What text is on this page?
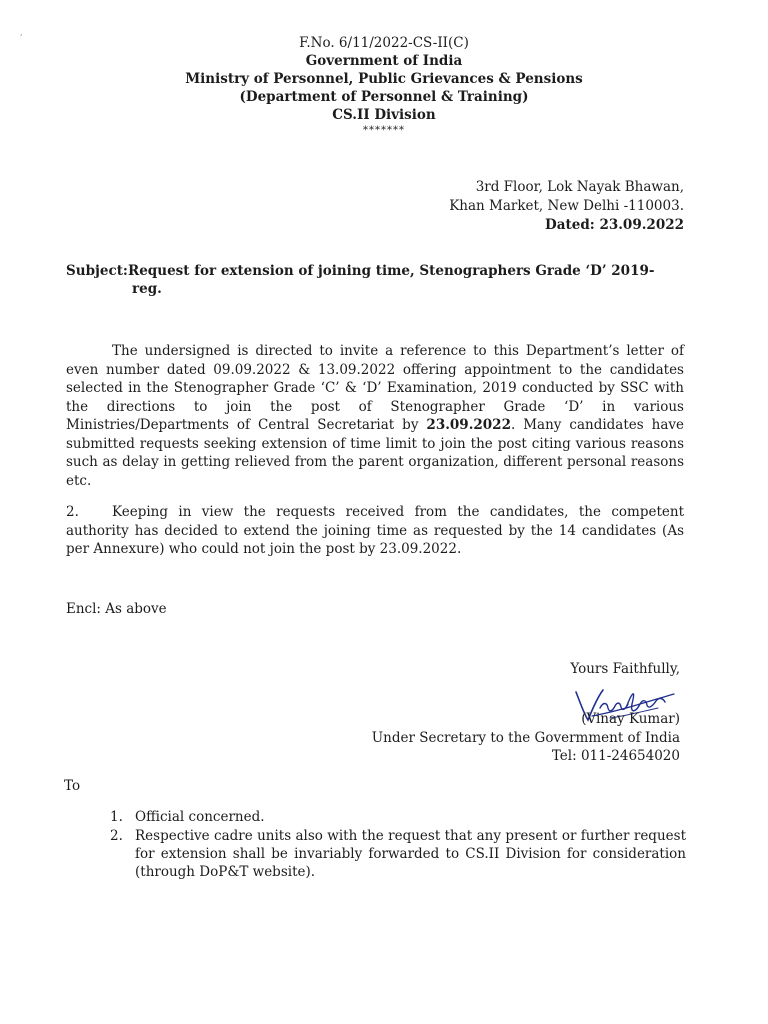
‚
F.No. 6/11/2022-CS-II(C)
Government of India
Ministry of Personnel, Public Grievances & Pensions
(Department of Personnel & Training)
CS.II Division
*******
3rd Floor, Lok Nayak Bhawan,
Khan Market, New Delhi -110003.
Dated: 23.09.2022
Subject:Request for extension of joining time, Stenographers Grade ‘D’ 2019-
reg.
The undersigned is directed to invite a reference to this Department’s letter of even number dated 09.09.2022 & 13.09.2022 offering appointment to the candidates selected in the Stenographer Grade ‘C’ & ‘D’ Examination, 2019 conducted by SSC with the directions to join the post of Stenographer Grade ‘D’ in various Ministries/Departments of Central Secretariat by 23.09.2022. Many candidates have submitted requests seeking extension of time limit to join the post citing various reasons such as delay in getting relieved from the parent organization, different personal reasons etc.
2. Keeping in view the requests received from the candidates, the competent authority has decided to extend the joining time as requested by the 14 candidates (As per Annexure) who could not join the post by 23.09.2022.
Encl: As above
Yours Faithfully,
(Vinay Kumar)
Under Secretary to the Govermment of India
Tel: 011-24654020
To
1. Official concerned.
2. Respective cadre units also with the request that any present or further request for extension shall be invariably forwarded to CS.II Division for consideration (through DoP&T website).
